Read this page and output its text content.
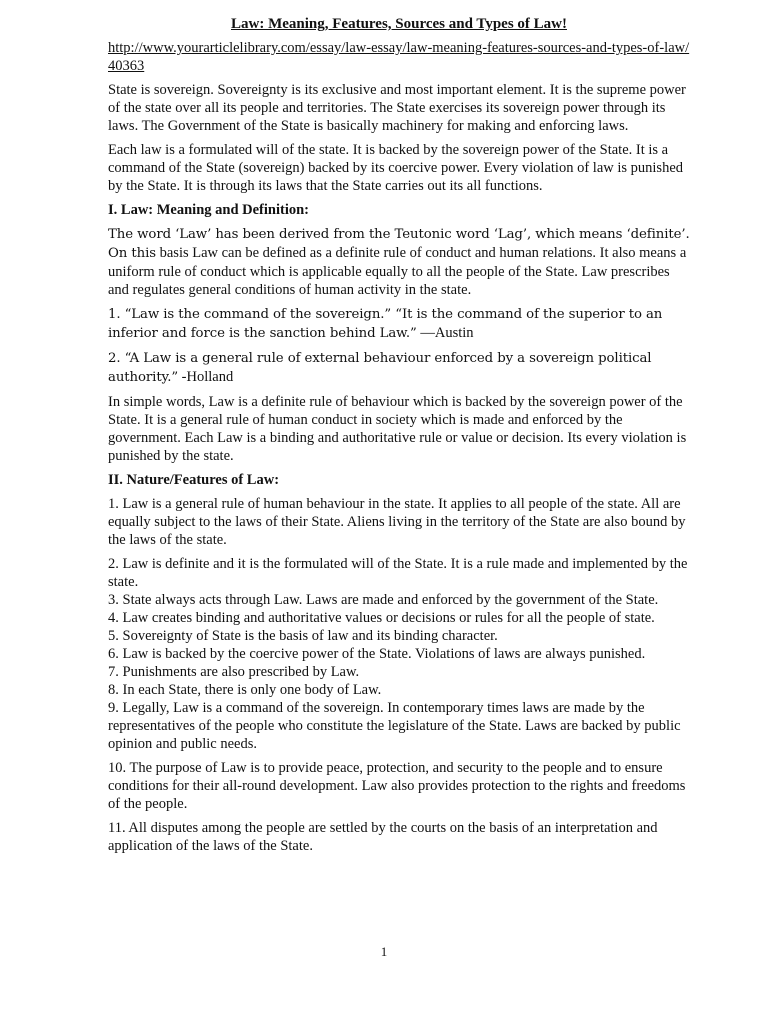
Law: Meaning, Features, Sources and Types of Law!
http://www.yourarticlelibrary.com/essay/law-essay/law-meaning-features-sources-and-types-of-law/40363

State is sovereign. Sovereignty is its exclusive and most important element. It is the supreme power of the state over all its people and territories. The State exercises its sovereign power through its laws. The Government of the State is basically machinery for making and enforcing laws.

Each law is a formulated will of the state. It is backed by the sovereign power of the State. It is a command of the State (sovereign) backed by its coercive power. Every violation of law is punished by the State. It is through its laws that the State carries out its all functions.

I. Law: Meaning and Definition:

The word ‘Law’ has been derived from the Teutonic word ‘Lag’, which means ‘definite’. On this basis Law can be defined as a definite rule of conduct and human relations. It also means a uniform rule of conduct which is applicable equally to all the people of the State. Law prescribes and regulates general conditions of human activity in the state.

1. “Law is the command of the sovereign.” “It is the command of the superior to an inferior and force is the sanction behind Law.” —Austin

2. “A Law is a general rule of external behaviour enforced by a sovereign political authority.” -Holland

In simple words, Law is a definite rule of behaviour which is backed by the sovereign power of the State. It is a general rule of human conduct in society which is made and enforced by the government. Each Law is a binding and authoritative rule or value or decision. Its every violation is punished by the state.

II. Nature/Features of Law:

1. Law is a general rule of human behaviour in the state. It applies to all people of the state. All are equally subject to the laws of their State. Aliens living in the territory of the State are also bound by the laws of the state.

2. Law is definite and it is the formulated will of the State. It is a rule made and implemented by the state.

3. State always acts through Law. Laws are made and enforced by the government of the State.

4. Law creates binding and authoritative values or decisions or rules for all the people of state.

5. Sovereignty of State is the basis of law and its binding character.

6. Law is backed by the coercive power of the State. Violations of laws are always punished.

7. Punishments are also prescribed by Law.

8. In each State, there is only one body of Law.

9. Legally, Law is a command of the sovereign. In contemporary times laws are made by the representatives of the people who constitute the legislature of the State. Laws are backed by public opinion and public needs.

10. The purpose of Law is to provide peace, protection, and security to the people and to ensure conditions for their all-round development. Law also provides protection to the rights and freedoms of the people.

11. All disputes among the people are settled by the courts on the basis of an interpretation and application of the laws of the State.

1
